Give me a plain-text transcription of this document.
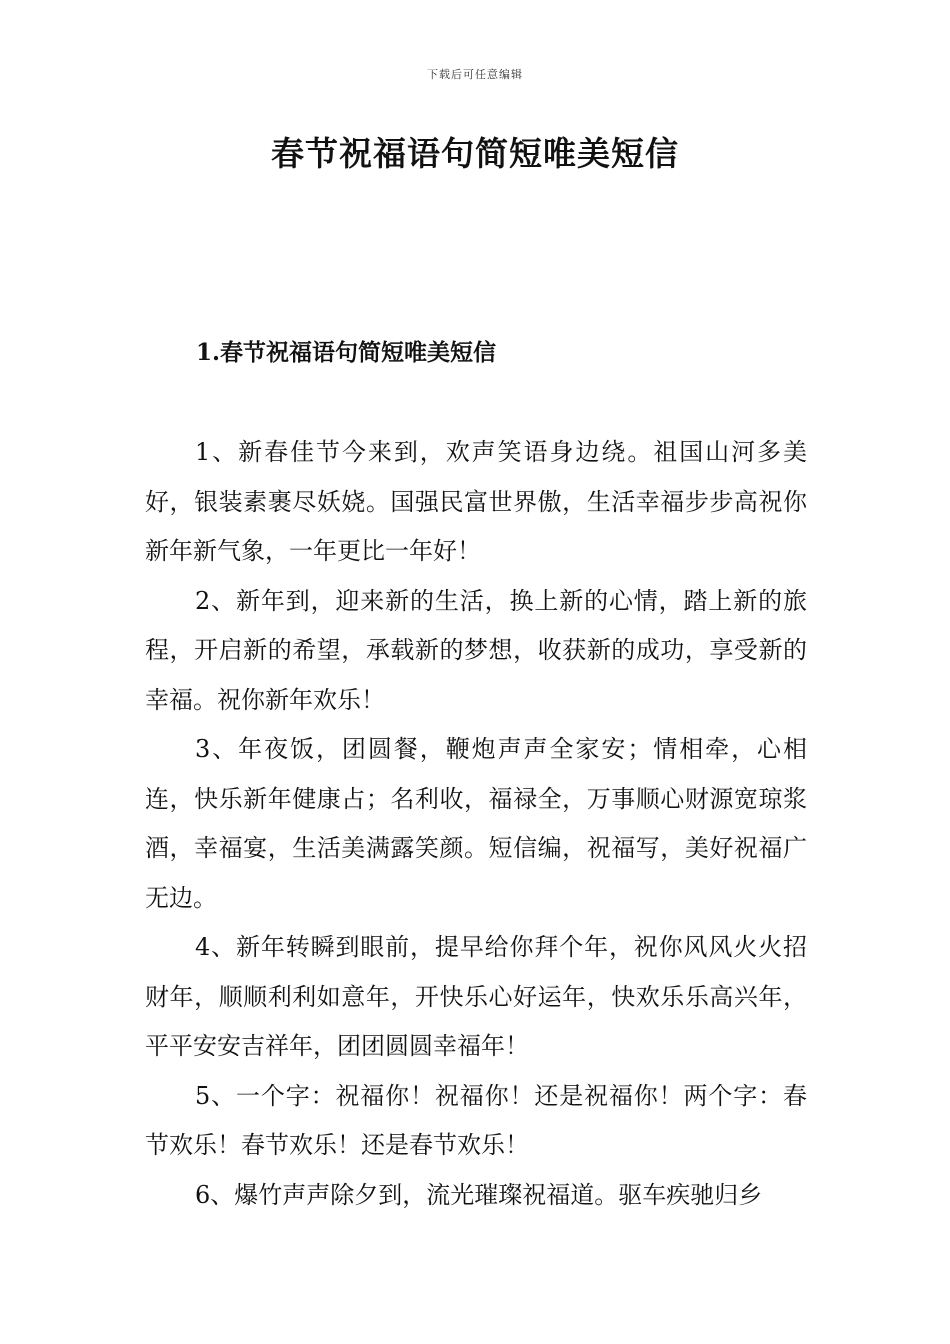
下载后可任意编辑
春节祝福语句简短唯美短信
1.春节祝福语句简短唯美短信

1、新春佳节今来到，欢声笑语身边绕。祖国山河多美好，银装素裹尽妖娆。国强民富世界傲，生活幸福步步高祝你新年新气象，一年更比一年好！

2、新年到，迎来新的生活，换上新的心情，踏上新的旅程，开启新的希望，承载新的梦想，收获新的成功，享受新的幸福。祝你新年欢乐！

3、年夜饭，团圆餐，鞭炮声声全家安；情相牵，心相连，快乐新年健康占；名利收，福禄全，万事顺心财源宽琼浆酒，幸福宴，生活美满露笑颜。短信编，祝福写，美好祝福广无边。

4、新年转瞬到眼前，提早给你拜个年，祝你风风火火招财年，顺顺利利如意年，开快乐心好运年，快欢乐乐高兴年，平平安安吉祥年，团团圆圆幸福年！

5、一个字：祝福你！祝福你！还是祝福你！两个字：春节欢乐！春节欢乐！还是春节欢乐！

6、爆竹声声除夕到，流光璀璨祝福道。驱车疾驰归乡
